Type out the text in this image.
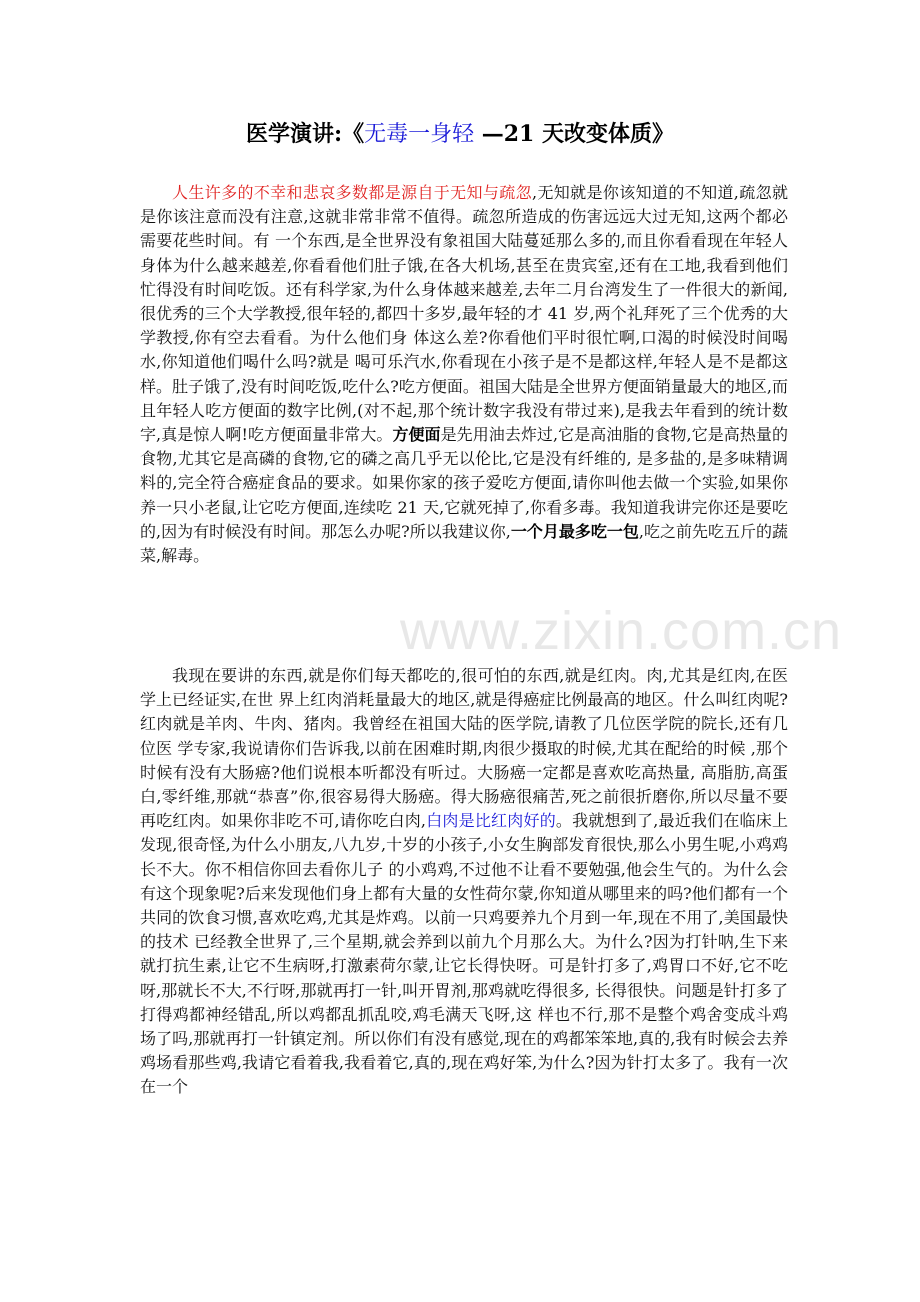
www.zixin.com.cn
医学演讲:《无毒一身轻 —21 天改变体质》

人生许多的不幸和悲哀多数都是源自于无知与疏忽,无知就是你该知道的不知道,疏忽就是你该注意而没有注意,这就非常非常不值得。疏忽所造成的伤害远远大过无知,这两个都必需要花些时间。有 一个东西,是全世界没有象祖国大陆蔓延那么多的,而且你看看现在年轻人身体为什么越来越差,你看看他们肚子饿,在各大机场,甚至在贵宾室,还有在工地,我看到他们忙得没有时间吃饭。还有科学家,为什么身体越来越差,去年二月台湾发生了一件很大的新闻,很优秀的三个大学教授,很年轻的,都四十多岁,最年轻的才 41 岁,两个礼拜死了三个优秀的大学教授,你有空去看看。为什么他们身 体这么差?你看他们平时很忙啊,口渴的时候没时间喝水,你知道他们喝什么吗?就是 喝可乐汽水,你看现在小孩子是不是都这样,年轻人是不是都这样。肚子饿了,没有时间吃饭,吃什么?吃方便面。祖国大陆是全世界方便面销量最大的地区,而且年轻人吃方便面的数字比例,(对不起,那个统计数字我没有带过来),是我去年看到的统计数字,真是惊人啊!吃方便面量非常大。方便面是先用油去炸过,它是高油脂的食物,它是高热量的食物,尤其它是高磷的食物,它的磷之高几乎无以伦比,它是没有纤维的, 是多盐的,是多味精调料的,完全符合癌症食品的要求。如果你家的孩子爱吃方便面,请你叫他去做一个实验,如果你养一只小老鼠,让它吃方便面,连续吃 21 天,它就死掉了,你看多毒。我知道我讲完你还是要吃的,因为有时候没有时间。那怎么办呢?所以我建议你,一个月最多吃一包,吃之前先吃五斤的蔬菜,解毒。

我现在要讲的东西,就是你们每天都吃的,很可怕的东西,就是红肉。肉,尤其是红肉,在医学上已经证实,在世 界上红肉消耗量最大的地区,就是得癌症比例最高的地区。什么叫红肉呢?红肉就是羊肉、牛肉、猪肉。我曾经在祖国大陆的医学院,请教了几位医学院的院长,还有几位医 学专家,我说请你们告诉我,以前在困难时期,肉很少摄取的时候,尤其在配给的时候 ,那个时候有没有大肠癌?他们说根本听都没有听过。大肠癌一定都是喜欢吃高热量, 高脂肪,高蛋白,零纤维,那就“恭喜”你,很容易得大肠癌。得大肠癌很痛苦,死之前很折磨你,所以尽量不要再吃红肉。如果你非吃不可,请你吃白肉,白肉是比红肉好的。我就想到了,最近我们在临床上发现,很奇怪,为什么小朋友,八九岁,十岁的小孩子,小女生胸部发育很快,那么小男生呢,小鸡鸡长不大。你不相信你回去看你儿子 的小鸡鸡,不过他不让看不要勉强,他会生气的。为什么会有这个现象呢?后来发现他们身上都有大量的女性荷尔蒙,你知道从哪里来的吗?他们都有一个共同的饮食习惯,喜欢吃鸡,尤其是炸鸡。以前一只鸡要养九个月到一年,现在不用了,美国最快的技术 已经教全世界了,三个星期,就会养到以前九个月那么大。为什么?因为打针呐,生下来就打抗生素,让它不生病呀,打激素荷尔蒙,让它长得快呀。可是针打多了,鸡胃口不好,它不吃呀,那就长不大,不行呀,那就再打一针,叫开胃剂,那鸡就吃得很多, 长得很快。问题是针打多了打得鸡都神经错乱,所以鸡都乱抓乱咬,鸡毛满天飞呀,这 样也不行,那不是整个鸡舍变成斗鸡场了吗,那就再打一针镇定剂。所以你们有没有感觉,现在的鸡都笨笨地,真的,我有时候会去养鸡场看那些鸡,我请它看着我,我看着它,真的,现在鸡好笨,为什么?因为针打太多了。我有一次在一个
